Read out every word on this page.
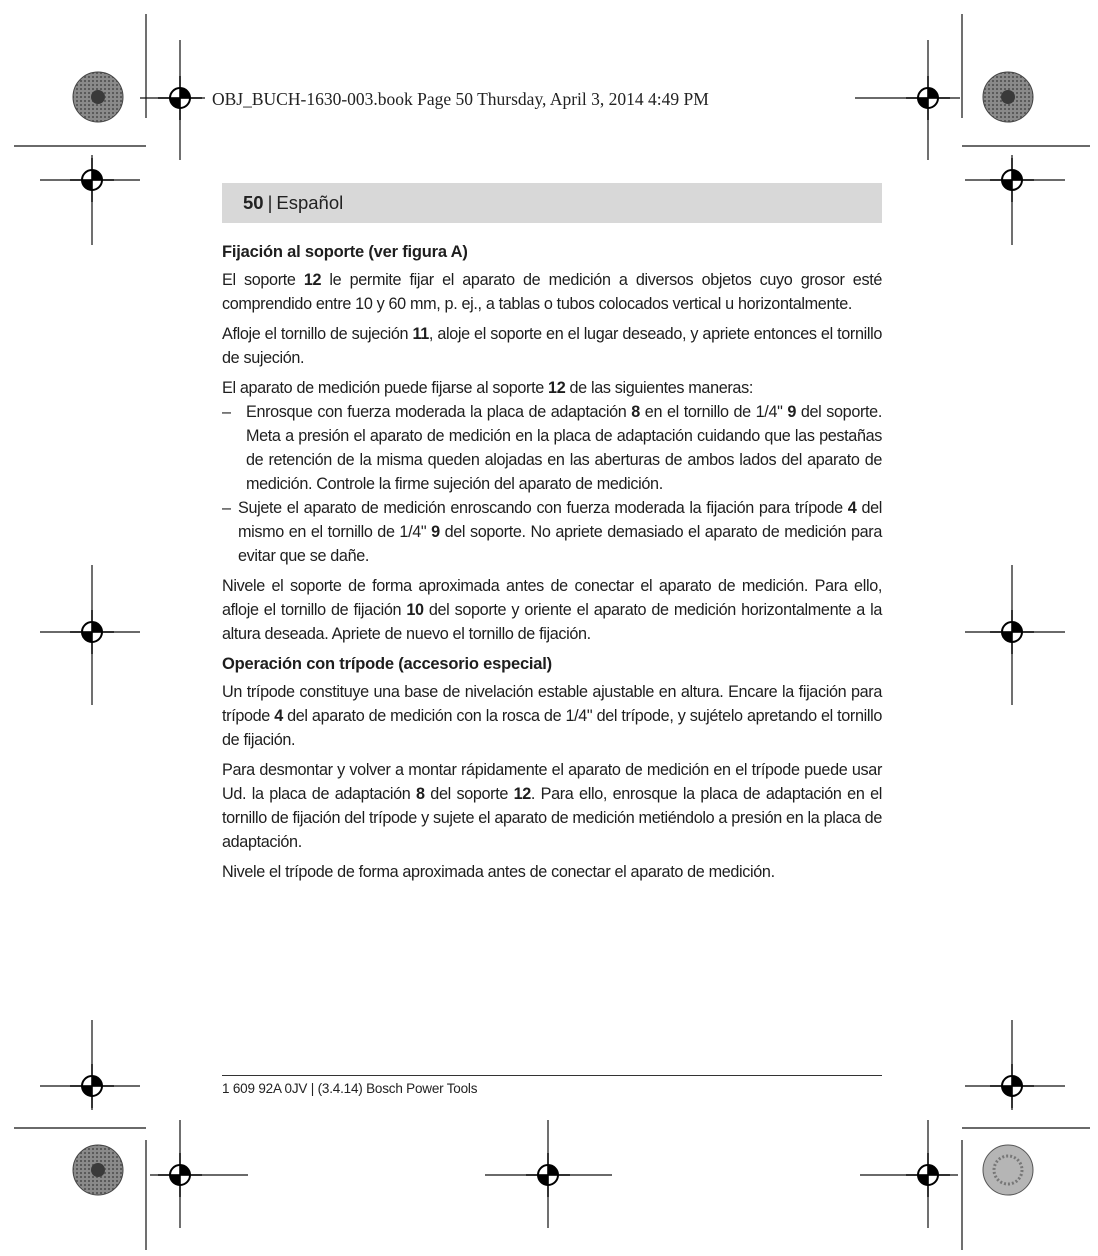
OBJ_BUCH-1630-003.book Page 50 Thursday, April 3, 2014 4:49 PM
50 | Español
Fijación al soporte (ver figura A)

El soporte 12 le permite fijar el aparato de medición a diversos objetos cuyo grosor esté comprendido entre 10 y 60 mm, p. ej., a tablas o tubos colocados vertical u horizontalmente.

Afloje el tornillo de sujeción 11, aloje el soporte en el lugar deseado, y apriete entonces el tornillo de sujeción.

El aparato de medición puede fijarse al soporte 12 de las siguientes maneras:

– Enrosque con fuerza moderada la placa de adaptación 8 en el tornillo de 1/4" 9 del soporte. Meta a presión el aparato de medición en la placa de adaptación cuidando que las pestañas de retención de la misma queden alojadas en las aberturas de ambos lados del aparato de medición. Controle la firme sujeción del aparato de medición.
– Sujete el aparato de medición enroscando con fuerza moderada la fijación para trípode 4 del mismo en el tornillo de 1/4" 9 del soporte. No apriete demasiado el aparato de medición para evitar que se dañe.

Nivele el soporte de forma aproximada antes de conectar el aparato de medición. Para ello, afloje el tornillo de fijación 10 del soporte y oriente el aparato de medición horizontalmente a la altura deseada. Apriete de nuevo el tornillo de fijación.

Operación con trípode (accesorio especial)

Un trípode constituye una base de nivelación estable ajustable en altura. Encare la fijación para trípode 4 del aparato de medición con la rosca de 1/4" del trípode, y sujételo apretando el tornillo de fijación.

Para desmontar y volver a montar rápidamente el aparato de medición en el trípode puede usar Ud. la placa de adaptación 8 del soporte 12. Para ello, enrosque la placa de adaptación en el tornillo de fijación del trípode y sujete el aparato de medición metiéndolo a presión en la placa de adaptación.

Nivele el trípode de forma aproximada antes de conectar el aparato de medición.

1 609 92A 0JV | (3.4.14) Bosch Power Tools
